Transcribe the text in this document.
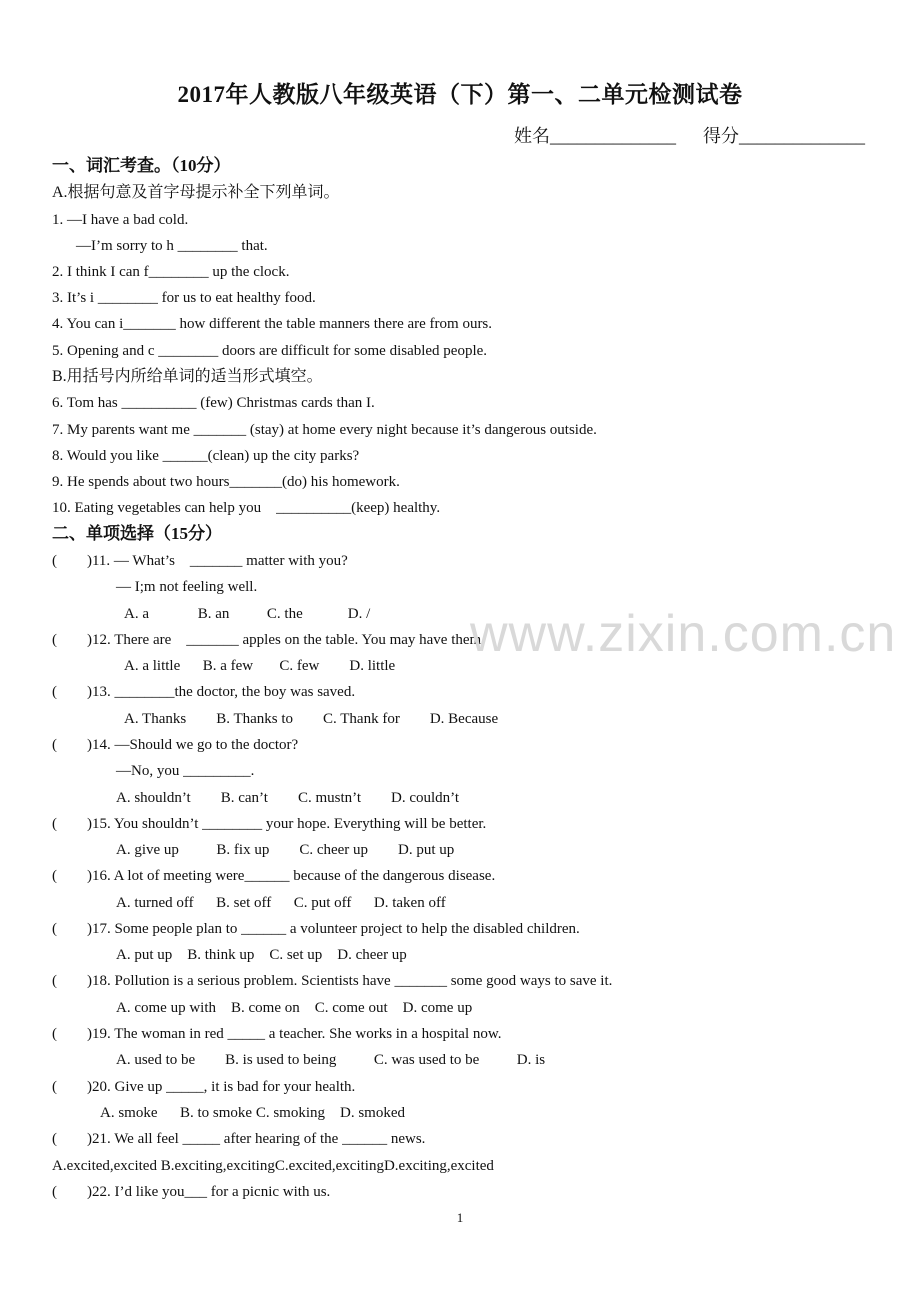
2017年人教版八年级英语（下）第一、二单元检测试卷
姓名______________ 得分______________
一、词汇考查。（10分）
A.根据句意及首字母提示补全下列单词。
1. —I have a bad cold.
—I’m sorry to h ________ that.
2. I think I can f________ up the clock.
3. It’s i ________ for us to eat healthy food.
4. You can i_______ how different the table manners there are from ours.
5. Opening and c ________ doors are difficult for some disabled people.
B.用括号内所给单词的适当形式填空。
6. Tom has __________ (few) Christmas cards than I.
7. My parents want me _______ (stay) at home every night because it’s dangerous outside.
8. Would you like ______(clean) up the city parks?
9. He spends about two hours_______(do) his homework.
10. Eating vegetables can help you    __________(keep) healthy.
二、单项选择（15分）
(        )11. — What’s    _______ matter with you?
— I;m not feeling well.
A. a             B. an          C. the            D. /
(        )12. There are    _______ apples on the table. You may have them.
A. a little      B. a few       C. few        D. little
(        )13. ________the doctor, the boy was saved.
A. Thanks        B. Thanks to        C. Thank for        D. Because
(        )14. —Should we go to the doctor?
—No, you _________.
A. shouldn’t        B. can’t        C. mustn’t        D. couldn’t
(        )15. You shouldn’t ________ your hope. Everything will be better.
A. give up          B. fix up        C. cheer up        D. put up
(        )16. A lot of meeting were______ because of the dangerous disease.
A. turned off      B. set off      C. put off      D. taken off
(        )17. Some people plan to ______ a volunteer project to help the disabled children.
A. put up    B. think up    C. set up    D. cheer up
(        )18. Pollution is a serious problem. Scientists have _______ some good ways to save it.
A. come up with    B. come on    C. come out    D. come up
(        )19. The woman in red _____ a teacher. She works in a hospital now.
A. used to be        B. is used to being          C. was used to be          D. is
(        )20. Give up _____, it is bad for your health.
A. smoke      B. to smoke C. smoking    D. smoked
(        )21. We all feel _____ after hearing of the ______ news.
A.excited,excited B.exciting,excitingC.excited,excitingD.exciting,excited
(        )22. I’d like you___ for a picnic with us.
www.zixin.com.cn
1
